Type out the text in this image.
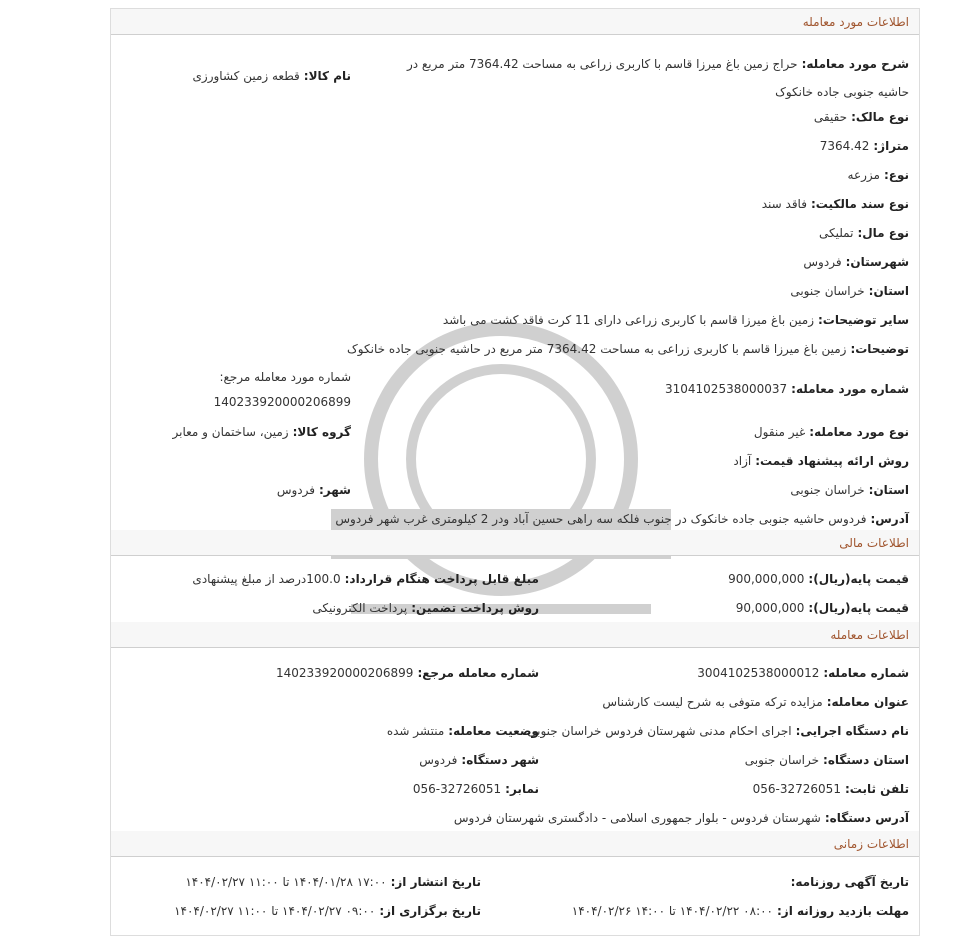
اطلاعات مورد معامله
شرح مورد معامله:حراج زمین باغ میرزا قاسم با کاربری زراعی به مساحت 7364.42 متر مربع در حاشیه جنوبی جاده خانکوک
نام کالا:قطعه زمین کشاورزی
نوع مالک:حقیقی
متراژ:7364.42
نوع:مزرعه
نوع سند مالکیت:فاقد سند
نوع مال:تملیکی
شهرستان:فردوس
استان:خراسان جنوبی
سایر توضیحات:زمین باغ میرزا قاسم با کاربری زراعی دارای 11 کرت فاقد کشت می باشد
توضیحات:زمین باغ میرزا قاسم با کاربری زراعی به مساحت 7364.42 متر مربع در حاشیه جنوبی جاده خانکوک
شماره مورد معامله مرجع:
140233920000206899
شماره مورد معامله:3104102538000037
گروه کالا:زمین، ساختمان و معابر	نوع مورد معامله:غیر منقول
روش ارائه پیشنهاد قیمت:آزاد
شهر:فردوس	استان:خراسان جنوبی
آدرس:فردوس حاشیه جنوبی جاده خانکوک در جنوب فلکه سه راهی حسین آباد ودر 2 کیلومتری غرب شهر فردوس
اطلاعات مالی
قیمت پایه(ریال):900,000,000
مبلغ قابل پرداخت هنگام قرارداد:100.0درصد از مبلغ پیشنهادی
قیمت پایه(ریال):90,000,000
روش پرداخت تضمین:پرداخت الکترونیکی
اطلاعات معامله
شماره معامله:3004102538000012
شماره معامله مرجع:140233920000206899
عنوان معامله:مزایده ترکه متوفی به شرح لیست کارشناس
نام دستگاه اجرایی:اجرای احکام مدنی شهرستان فردوس خراسان جنوبی
وضعیت معامله:منتشر شده
استان دستگاه:خراسان جنوبی
شهر دستگاه:فردوس
تلفن ثابت:32726051-056
نمابر:32726051-056
آدرس دستگاه:شهرستان فردوس - بلوار جمهوری اسلامی - دادگستری شهرستان فردوس
اطلاعات زمانی
تاریخ آگهی روزنامه:
تاریخ انتشار از:۱۷:۰۰ ۱۴۰۴/۰۱/۲۸ تا ۱۱:۰۰ ۱۴۰۴/۰۲/۲۷
مهلت بازدید روزانه از:۰۸:۰۰ ۱۴۰۴/۰۲/۲۲ تا ۱۴:۰۰ ۱۴۰۴/۰۲/۲۶
تاریخ برگزاری از:۰۹:۰۰ ۱۴۰۴/۰۲/۲۷ تا ۱۱:۰۰ ۱۴۰۴/۰۲/۲۷
